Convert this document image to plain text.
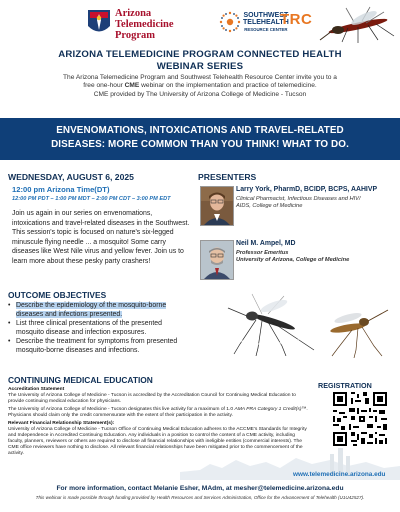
Arizona
Telemedicine
Program
SOUTHWEST
TELEHEALTH
RESOURCE CENTER
TRC
ARIZONA TELEMEDICINE PROGRAM CONNECTED HEALTH
WEBINAR SERIES
The Arizona Telemedicine Program and Southwest Telehealth Resource Center invite you to a
free one-hour CME webinar on the implementation and practice of telemedicine.
CME provided by The University of Arizona College of Medicine - Tucson
ENVENOMATIONS, INTOXICATIONS AND TRAVEL-RELATED
DISEASES: MORE COMMON THAN YOU THINK! WHAT TO DO.
WEDNESDAY, AUGUST 6, 2025
12:00 pm Arizona Time(DT)
12:00 PM PDT – 1:00 PM MDT – 2:00 PM CDT – 3:00 PM EDT
Join us again in our series on envenomations, intoxications and travel-related diseases in the Southwest. This session's topic is focused on nature's six-legged minuscule flying needle ... a mosquito! Some carry diseases like West Nile virus and yellow fever. Join us to learn more about these pesky party crashers!
PRESENTERS
Larry York, PharmD, BCIDP, BCPS, AAHIVP
Clinical Pharmacist, Infectious Diseases and HIV/
AIDS, College of Medicine
Neil M. Ampel, MD
Professor Emeritus
University of Arizona, College of Medicine
OUTCOME OBJECTIVES
• Describe the epidemiology of the mosquito-borne diseases and infections presented.
• List three clinical presentations of the presented mosquito disease and infection exposures.
• Describe the treatment for symptoms from presented mosquito-borne diseases and infections.
CONTINUING MEDICAL EDUCATION

Accreditation Statement
The University of Arizona College of Medicine - Tucson is accredited by the Accreditation Council for Continuing Medical Education to provide continuing medical education for physicians.

The University of Arizona College of Medicine - Tucson designates this live activity for a maximum of 1.0 AMA PRA Category 1 Credit(s)™. Physicians should claim only the credit commensurate with the extent of their participation in the activity.

Relevant Financial Relationship Statement(s):
University of Arizona College of Medicine - Tucson Office of Continuing Medical Education adheres to the ACCME's Standards for Integrity and Independence in Accredited Continuing Education. Any individuals in a position to control the content of a CME activity, including faculty, planners, reviewers or others are required to disclose all financial relationships with ineligible entities (commercial interests). The CME office reviewers have nothing to disclose. All relevant financial relationships have been mitigated prior to the commencement of the activity.

REGISTRATION
www.telemedicine.arizona.edu
For more information, contact Melanie Esher, MAdm, at mesher@telemedicine.arizona.edu
This webinar is made possible through funding provided by Health Resources and Services Administration, Office for the Advancement of Telehealth (U1U42527).
